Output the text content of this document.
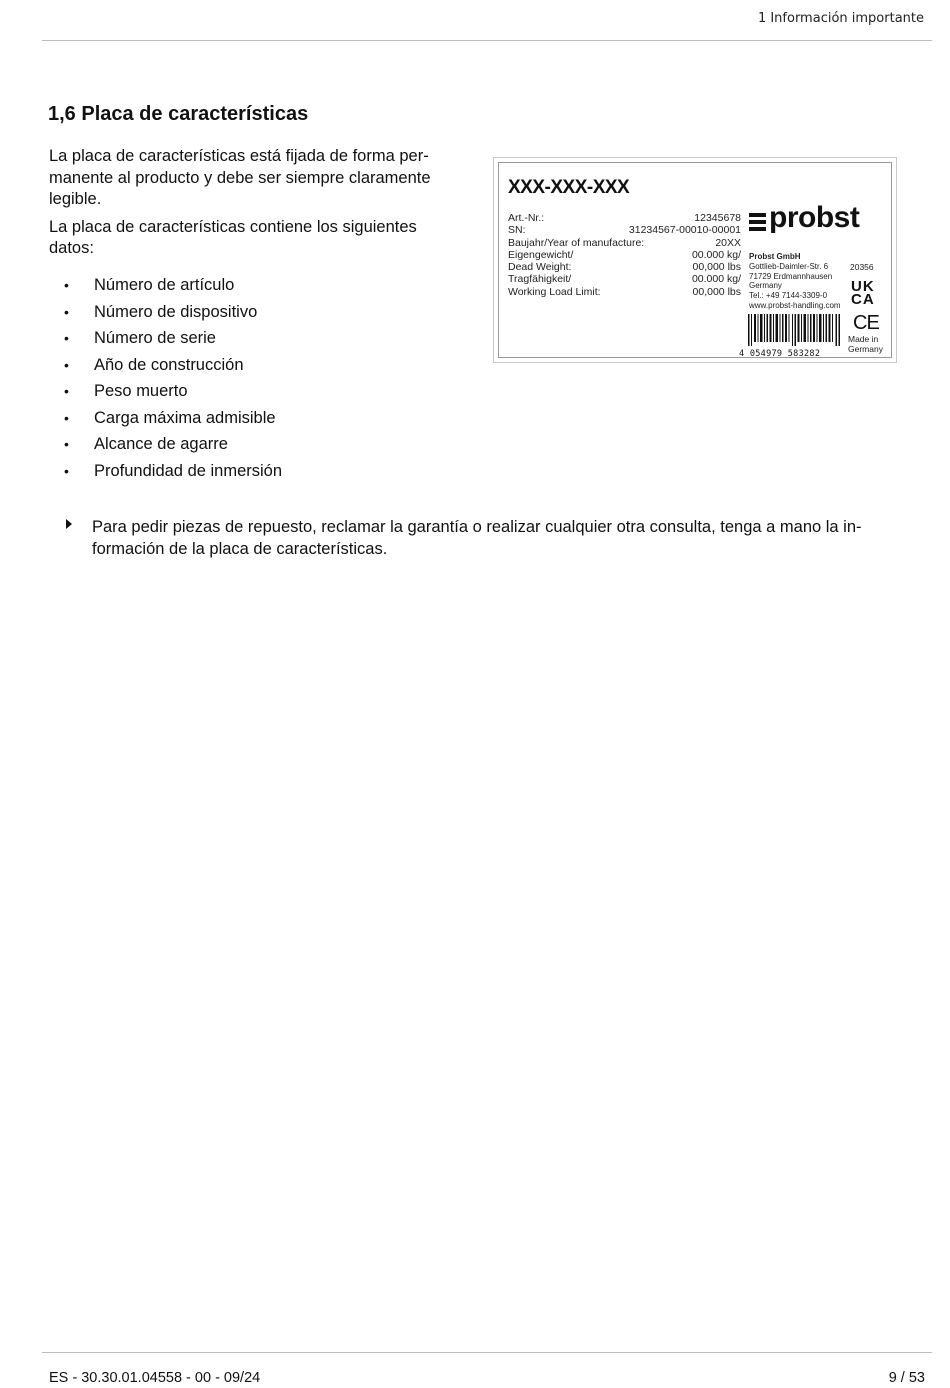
1 Información importante
1,6 Placa de características

La placa de características está fijada de forma per-
manente al producto y debe ser siempre claramente
legible.

La placa de características contiene los siguientes
datos:

• Número de artículo
• Número de dispositivo
• Número de serie
• Año de construcción
• Peso muerto
• Carga máxima admisible
• Alcance de agarre
• Profundidad de inmersión
Para pedir piezas de repuesto, reclamar la garantía o realizar cualquier otra consulta, tenga a mano la in-
formación de la placa de características.
XXX-XXX-XXX
Art.-Nr.:	12345678
SN:	31234567-00010-00001
Baujahr/Year of manufacture:	20XX
Eigengewicht/	00.000 kg/
Dead Weight:	00,000 lbs
Tragfähigkeit/	00.000 kg/
Working Load Limit:	00,000 lbs
probst
Probst GmbH
Gottlieb-Daimler-Str. 6
71729 Erdmannhausen
Germany
Tel.: +49 7144-3309-0
www.probst-handling.com
20356
UK
CA
CE
Made in
Germany
4 054979 583282
ES - 30.30.01.04558 - 00 - 09/24	9 / 53
